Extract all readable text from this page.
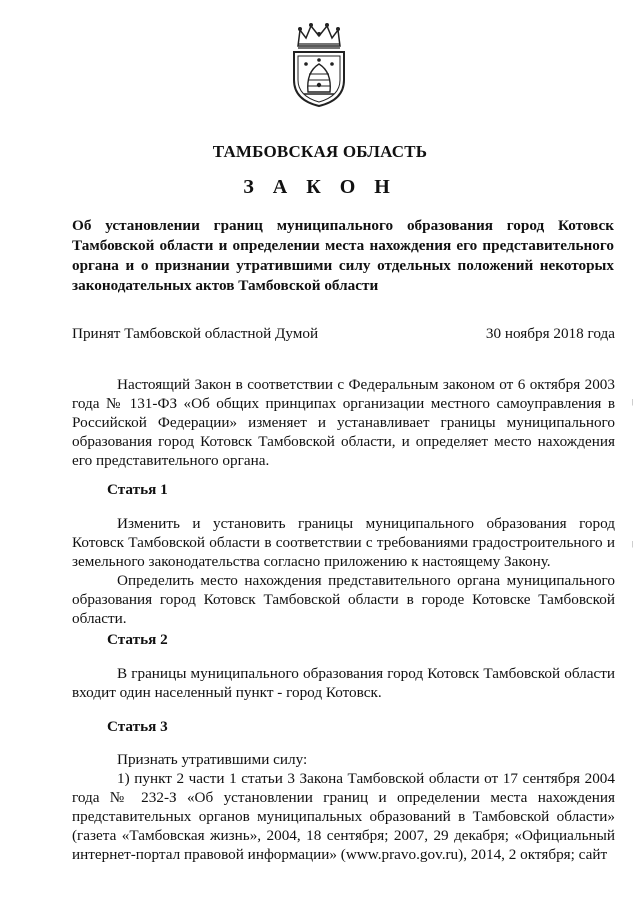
ТАМБОВСКАЯ ОБЛАСТЬ
З А К О Н
Об установлении границ муниципального образования город Котовск Тамбовской области и определении места нахождения его представительного органа и о признании утратившими силу отдельных положений некоторых законодательных актов Тамбовской области
Принят Тамбовской областной Думой	30 ноября 2018 года

Настоящий Закон в соответствии с Федеральным законом от 6 октября 2003 года № 131-ФЗ «Об общих принципах организации местного самоуправления в Российской Федерации» изменяет и устанавливает границы муниципального образования город Котовск Тамбовской области, и определяет место нахождения его представительного органа.

Статья 1

Изменить и установить границы муниципального образования город Котовск Тамбовской области в соответствии с требованиями градостроительного и земельного законодательства согласно приложению к настоящему Закону.

Определить место нахождения представительного органа муниципального образования город Котовск Тамбовской области в городе Котовске Тамбовской области.

Статья 2

В границы муниципального образования город Котовск Тамбовской области входит один населенный пункт - город Котовск.

Статья 3

Признать утратившими силу:

1) пункт 2 части 1 статьи 3 Закона Тамбовской области от 17 сентября 2004 года № 232-З «Об установлении границ и определении места нахождения представительных органов муниципальных образований в Тамбовской области» (газета «Тамбовская жизнь», 2004, 18 сентября; 2007, 29 декабря; «Официальный интернет-портал правовой информации» (www.pravo.gov.ru), 2014, 2 октября; сайт

|
|
